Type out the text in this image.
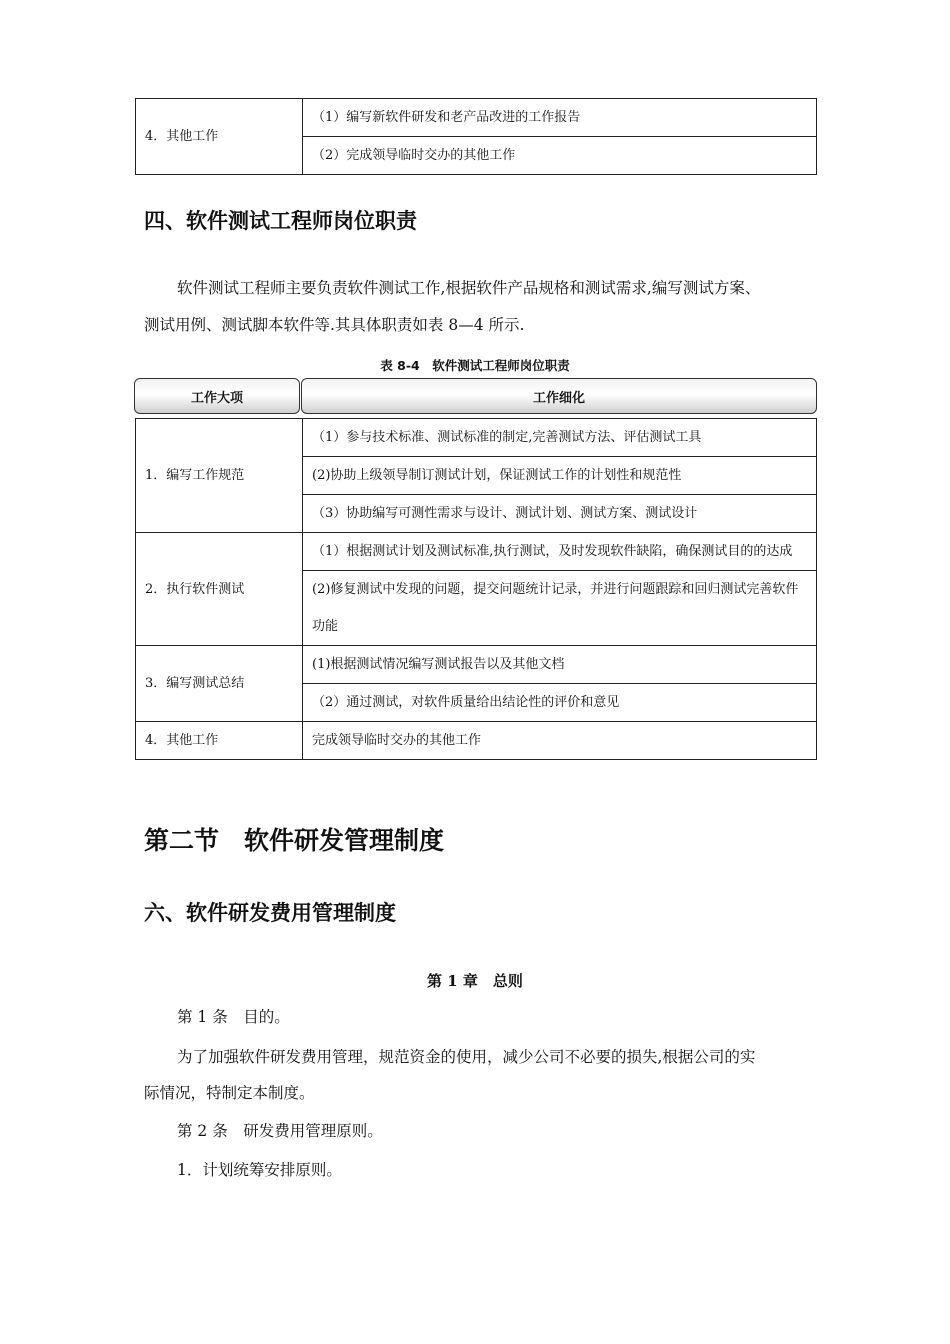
4．其他工作	（1）编写新软件研发和老产品改进的工作报告
（2）完成领导临时交办的其他工作
四、软件测试工程师岗位职责
软件测试工程师主要负责软件测试工作,根据软件产品规格和测试需求,编写测试方案、
测试用例、测试脚本软件等.其具体职责如表 8—4 所示.
表 8-4　软件测试工程师岗位职责
工作大项	工作细化
1．编写工作规范	（1）参与技术标准、测试标准的制定,完善测试方法、评估测试工具
	(2)协助上级领导制订测试计划，保证测试工作的计划性和规范性
	（3）协助编写可测性需求与设计、测试计划、测试方案、测试设计
2．执行软件测试	（1）根据测试计划及测试标准,执行测试，及时发现软件缺陷，确保测试目的的达成
	(2)修复测试中发现的问题，提交问题统计记录，并进行问题跟踪和回归测试完善软件功能
3．编写测试总结	(1)根据测试情况编写测试报告以及其他文档
	（2）通过测试，对软件质量给出结论性的评价和意见
4．其他工作	完成领导临时交办的其他工作
第二节　软件研发管理制度
六、软件研发费用管理制度
第 1 章　总则
第 1 条　目的。
为了加强软件研发费用管理，规范资金的使用，减少公司不必要的损失,根据公司的实
际情况，特制定本制度。
第 2 条　研发费用管理原则。
1．计划统筹安排原则。
